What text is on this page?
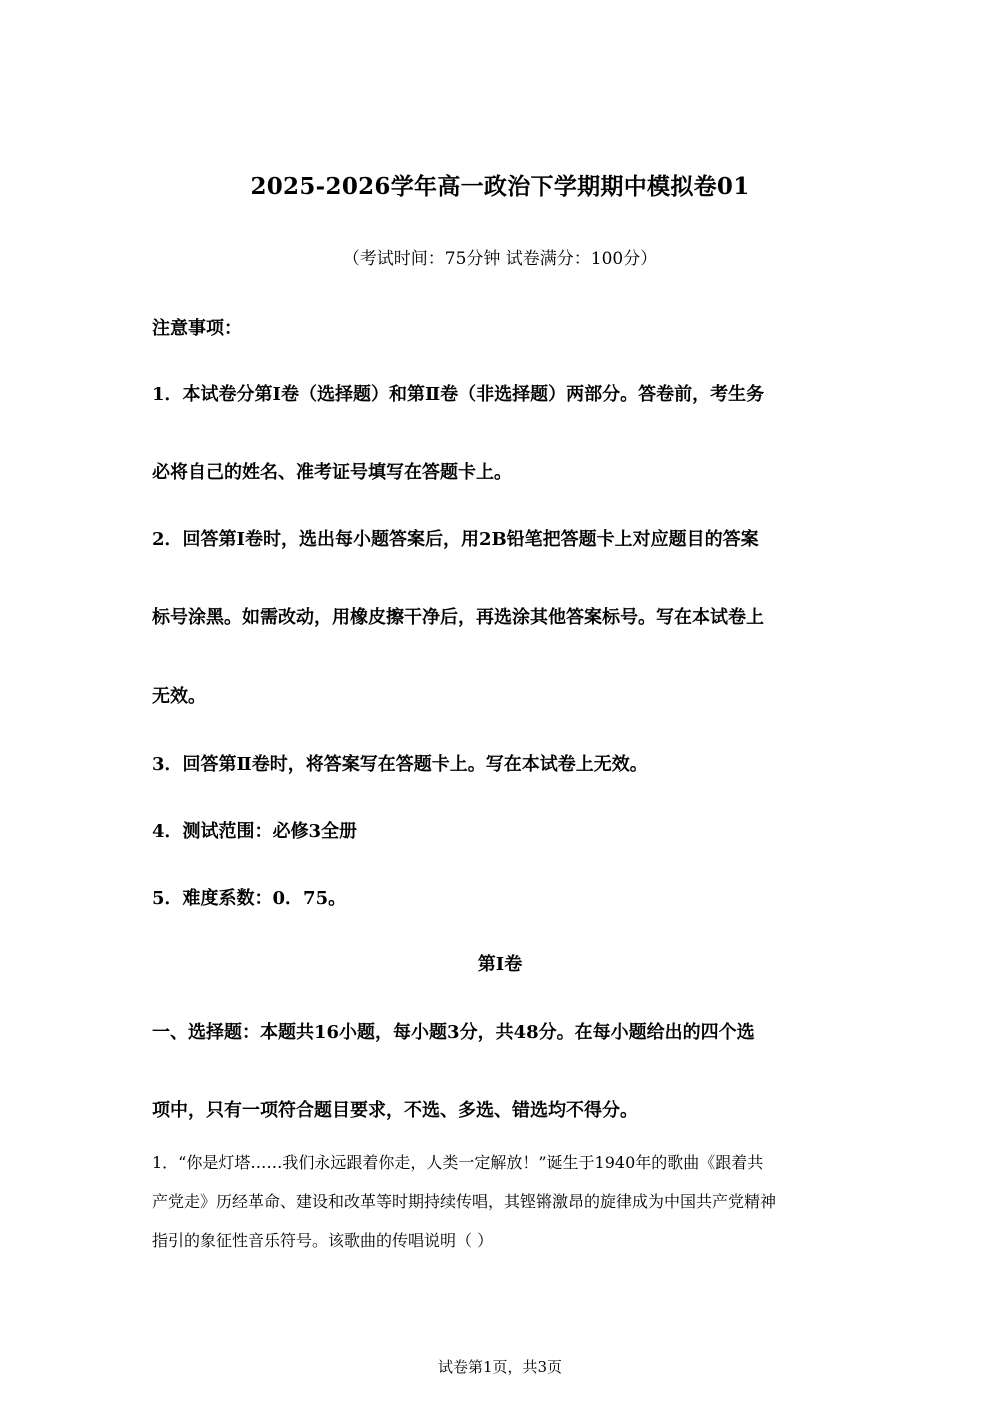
2025-2026学年高一政治下学期期中模拟卷01
（考试时间：75分钟 试卷满分：100分）
注意事项：
1．本试卷分第Ⅰ卷（选择题）和第Ⅱ卷（非选择题）两部分。答卷前，考生务
必将自己的姓名、准考证号填写在答题卡上。
2．回答第Ⅰ卷时，选出每小题答案后，用2B铅笔把答题卡上对应题目的答案
标号涂黑。如需改动，用橡皮擦干净后，再选涂其他答案标号。写在本试卷上
无效。
3．回答第Ⅱ卷时，将答案写在答题卡上。写在本试卷上无效。
4．测试范围：必修3全册
5．难度系数：0．75。
第Ⅰ卷
一、选择题：本题共16小题，每小题3分，共48分。在每小题给出的四个选
项中，只有一项符合题目要求，不选、多选、错选均不得分。
1．“你是灯塔……我们永远跟着你走，人类一定解放！”诞生于1940年的歌曲《跟着共
产党走》历经革命、建设和改革等时期持续传唱，其铿锵激昂的旋律成为中国共产党精神
指引的象征性音乐符号。该歌曲的传唱说明（ ）
试卷第1页，共3页
